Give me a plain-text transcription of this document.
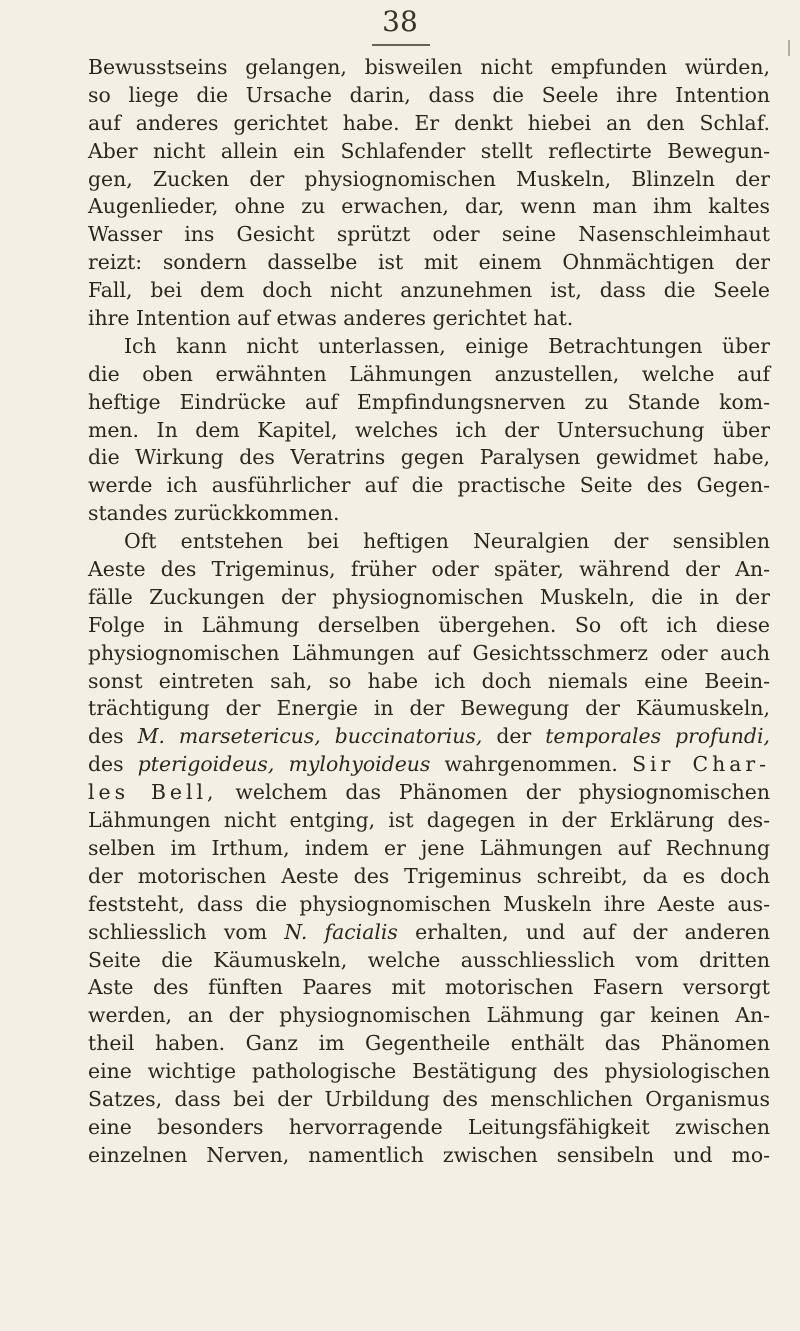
38
Bewusstseins gelangen, bisweilen nicht empfunden würden,
so liege die Ursache darin, dass die Seele ihre Intention
auf anderes gerichtet habe. Er denkt hiebei an den Schlaf.
Aber nicht allein ein Schlafender stellt reflectirte Bewegun-
gen, Zucken der physiognomischen Muskeln, Blinzeln der
Augenlieder, ohne zu erwachen, dar, wenn man ihm kaltes
Wasser ins Gesicht sprützt oder seine Nasenschleimhaut
reizt: sondern dasselbe ist mit einem Ohnmächtigen der
Fall, bei dem doch nicht anzunehmen ist, dass die Seele
ihre Intention auf etwas anderes gerichtet hat.
Ich kann nicht unterlassen, einige Betrachtungen über
die oben erwähnten Lähmungen anzustellen, welche auf
heftige Eindrücke auf Empfindungsnerven zu Stande kom-
men. In dem Kapitel, welches ich der Untersuchung über
die Wirkung des Veratrins gegen Paralysen gewidmet habe,
werde ich ausführlicher auf die practische Seite des Gegen-
standes zurückkommen.
Oft entstehen bei heftigen Neuralgien der sensiblen
Aeste des Trigeminus, früher oder später, während der An-
fälle Zuckungen der physiognomischen Muskeln, die in der
Folge in Lähmung derselben übergehen. So oft ich diese
physiognomischen Lähmungen auf Gesichtsschmerz oder auch
sonst eintreten sah, so habe ich doch niemals eine Beein-
trächtigung der Energie in der Bewegung der Käumuskeln,
des M. marsetericus, buccinatorius, der temporales profundi,
des pterigoideus, mylohyoideus wahrgenommen. Sir Char-
les Bell, welchem das Phänomen der physiognomischen
Lähmungen nicht entging, ist dagegen in der Erklärung des-
selben im Irthum, indem er jene Lähmungen auf Rechnung
der motorischen Aeste des Trigeminus schreibt, da es doch
feststeht, dass die physiognomischen Muskeln ihre Aeste aus-
schliesslich vom N. facialis erhalten, und auf der anderen
Seite die Käumuskeln, welche ausschliesslich vom dritten
Aste des fünften Paares mit motorischen Fasern versorgt
werden, an der physiognomischen Lähmung gar keinen An-
theil haben. Ganz im Gegentheile enthält das Phänomen
eine wichtige pathologische Bestätigung des physiologischen
Satzes, dass bei der Urbildung des menschlichen Organismus
eine besonders hervorragende Leitungsfähigkeit zwischen
einzelnen Nerven, namentlich zwischen sensibeln und mo-
